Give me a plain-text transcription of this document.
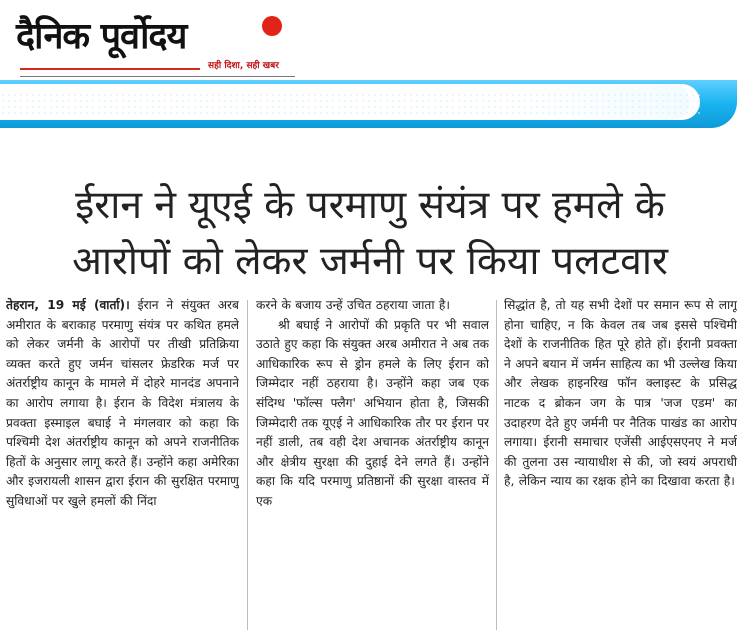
दैनिक पूर्वोदय
सही दिशा, सही खबर
ईरान ने यूएई के परमाणु संयंत्र पर हमले के आरोपों को लेकर जर्मनी पर किया पलटवार

तेहरान, 19 मई (वार्ता)। ईरान ने संयुक्त अरब अमीरात के बराकाह परमाणु संयंत्र पर कथित हमले को लेकर जर्मनी के आरोपों पर तीखी प्रतिक्रिया व्यक्त करते हुए जर्मन चांसलर फ्रेडरिक मर्ज पर अंतर्राष्ट्रीय कानून के मामले में दोहरे मानदंड अपनाने का आरोप लगाया है। ईरान के विदेश मंत्रालय के प्रवक्ता इस्माइल बघाई ने मंगलवार को कहा कि पश्चिमी देश अंतर्राष्ट्रीय कानून को अपने राजनीतिक हितों के अनुसार लागू करते हैं। उन्होंने कहा अमेरिका और इजरायली शासन द्वारा ईरान की सुरक्षित परमाणु सुविधाओं पर खुले हमलों की निंदा

करने के बजाय उन्हें उचित ठहराया जाता है।

श्री बघाई ने आरोपों की प्रकृति पर भी सवाल उठाते हुए कहा कि संयुक्त अरब अमीरात ने अब तक आधिकारिक रूप से ड्रोन हमले के लिए ईरान को जिम्मेदार नहीं ठहराया है। उन्होंने कहा जब एक संदिग्ध 'फॉल्स फ्लैग' अभियान होता है, जिसकी जिम्मेदारी तक यूएई ने आधिकारिक तौर पर ईरान पर नहीं डाली, तब वही देश अचानक अंतर्राष्ट्रीय कानून और क्षेत्रीय सुरक्षा की दुहाई देने लगते हैं। उन्होंने कहा कि यदि परमाणु प्रतिष्ठानों की सुरक्षा वास्तव में एक

सिद्धांत है, तो यह सभी देशों पर समान रूप से लागू होना चाहिए, न कि केवल तब जब इससे पश्चिमी देशों के राजनीतिक हित पूरे होते हों। ईरानी प्रवक्ता ने अपने बयान में जर्मन साहित्य का भी उल्लेख किया और लेखक हाइनरिख फॉन क्लाइस्ट के प्रसिद्ध नाटक द ब्रोकन जग के पात्र 'जज एडम' का उदाहरण देते हुए जर्मनी पर नैतिक पाखंड का आरोप लगाया। ईरानी समाचार एजेंसी आईएसएनए ने मर्ज की तुलना उस न्यायाधीश से की, जो स्वयं अपराधी है, लेकिन न्याय का रक्षक होने का दिखावा करता है।
